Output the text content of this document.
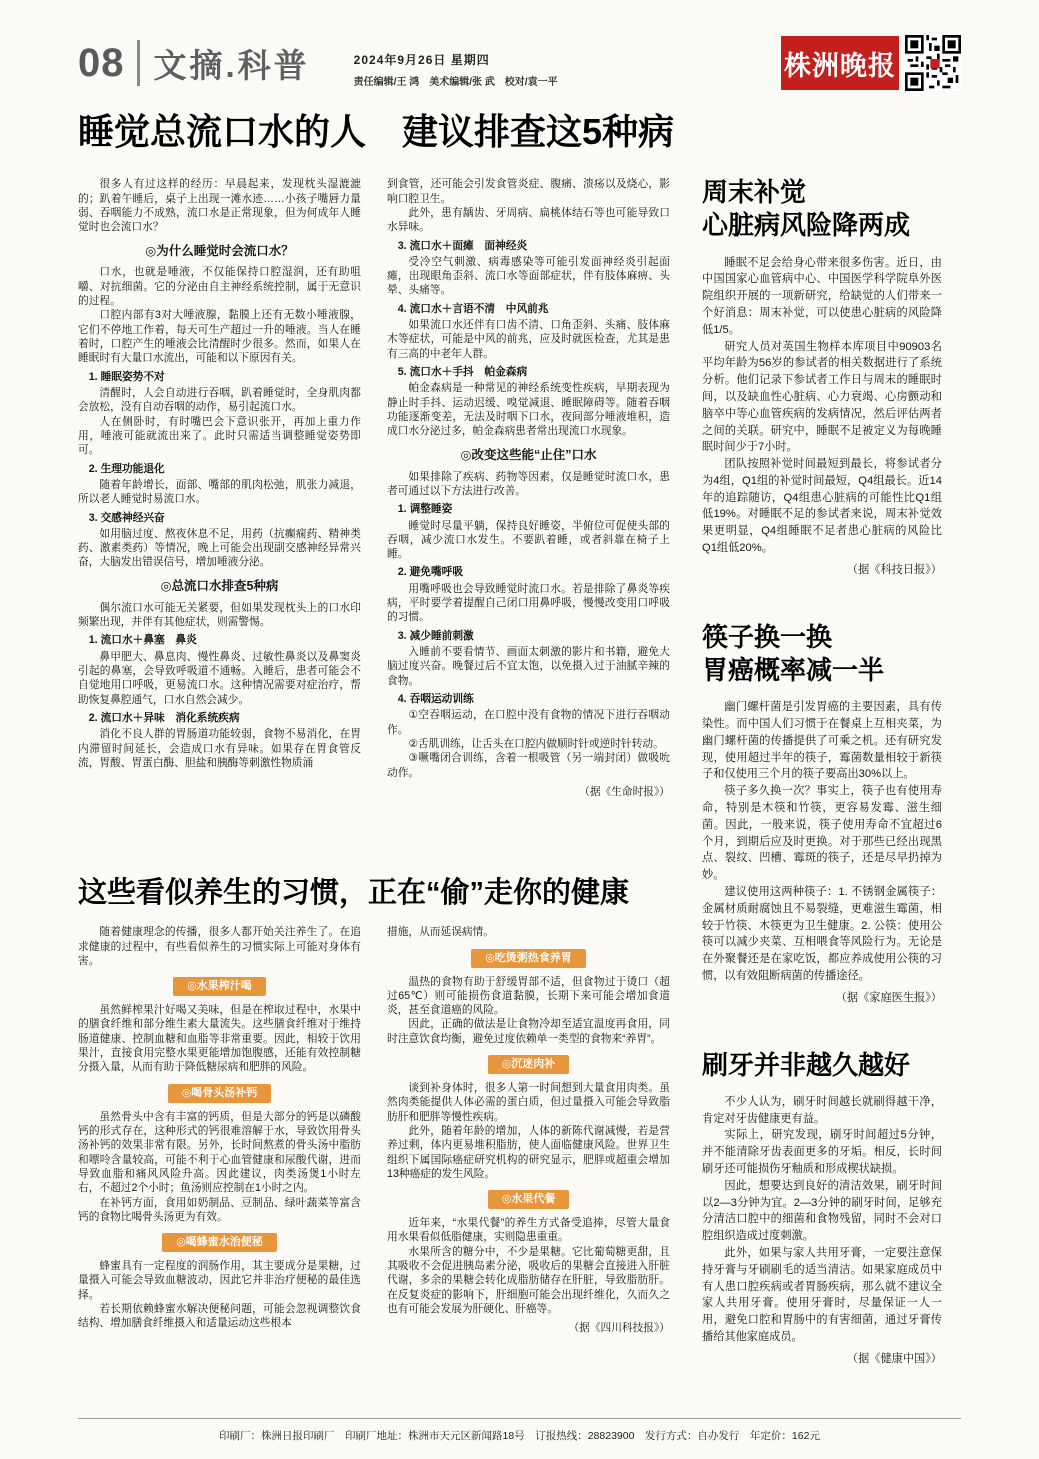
08 文摘.科普	2024年9月26日 星期四
责任编辑/王 鸿　美术编辑/张 武　校对/袁一平
株洲晚报
睡觉总流口水的人　建议排查这5种病
很多人有过这样的经历：早晨起来，发现枕头湿漉漉的；趴着午睡后，桌子上出现一滩水迹……小孩子嘴唇力量弱、吞咽能力不成熟，流口水是正常现象，但为何成年人睡觉时也会流口水？
◎为什么睡觉时会流口水？
口水，也就是唾液，不仅能保持口腔湿润，还有助咀嚼、对抗细菌。它的分泌由自主神经系统控制，属于无意识的过程。
口腔内部有3对大唾液腺，黏膜上还有无数小唾液腺，它们不停地工作着，每天可生产超过一升的唾液。当人在睡着时，口腔产生的唾液会比清醒时少很多。然而，如果人在睡眠时有大量口水流出，可能和以下原因有关。
1. 睡眠姿势不对
清醒时，人会自动进行吞咽，趴着睡觉时，全身肌肉都会放松，没有自动吞咽的动作，易引起流口水。
人在侧卧时，有时嘴巴会下意识张开，再加上重力作用，唾液可能就流出来了。此时只需适当调整睡觉姿势即可。
2. 生理功能退化
随着年龄增长，面部、嘴部的肌肉松弛，肌张力减退，所以老人睡觉时易流口水。
3. 交感神经兴奋
如用脑过度、熬夜休息不足，用药（抗癫痫药、精神类药、激素类药）等情况，晚上可能会出现副交感神经异常兴奋，大脑发出错误信号，增加唾液分泌。
◎总流口水排查5种病
偶尔流口水可能无关紧要，但如果发现枕头上的口水印频繁出现，并伴有其他症状，则需警惕。
1. 流口水＋鼻塞　鼻炎
鼻甲肥大、鼻息肉、慢性鼻炎、过敏性鼻炎以及鼻窦炎引起的鼻塞，会导致呼吸道不通畅。入睡后，患者可能会不自觉地用口呼吸，更易流口水。这种情况需要对症治疗，帮助恢复鼻腔通气，口水自然会减少。
2. 流口水＋异味　消化系统疾病
消化不良人群的胃肠道功能较弱，食物不易消化，在胃内滞留时间延长，会造成口水有异味。如果存在胃食管反流，胃酸、胃蛋白酶、胆盐和胰酶等刺激性物质涌
到食管，还可能会引发食管炎症、腹痛、溃疡以及烧心，影响口腔卫生。
此外，患有龋齿、牙周病、扁桃体结石等也可能导致口水异味。
3. 流口水＋面瘫　面神经炎
受冷空气刺激、病毒感染等可能引发面神经炎引起面瘫，出现眼角歪斜、流口水等面部症状，伴有肢体麻痹、头晕、头痛等。
4. 流口水＋言语不清　中风前兆
如果流口水还伴有口齿不清、口角歪斜、头痛、肢体麻木等症状，可能是中风的前兆，应及时就医检查，尤其是患有三高的中老年人群。
5. 流口水＋手抖　帕金森病
帕金森病是一种常见的神经系统变性疾病，早期表现为静止时手抖、运动迟缓、嗅觉减退、睡眠障碍等。随着吞咽功能逐渐变差，无法及时咽下口水，夜间部分唾液堆积，造成口水分泌过多，帕金森病患者常出现流口水现象。
◎改变这些能“止住”口水
如果排除了疾病、药物等因素，仅是睡觉时流口水，患者可通过以下方法进行改善。
1. 调整睡姿
睡觉时尽量平躺，保持良好睡姿，半俯位可促使头部的吞咽，减少流口水发生。不要趴着睡，或者斜靠在椅子上睡。
2. 避免嘴呼吸
用嘴呼吸也会导致睡觉时流口水。若是排除了鼻炎等疾病，平时要学着提醒自己闭口用鼻呼吸，慢慢改变用口呼吸的习惯。
3. 减少睡前刺激
入睡前不要看情节、画面太刺激的影片和书籍，避免大脑过度兴奋。晚餐过后不宜太饱，以免摄入过于油腻辛辣的食物。
4. 吞咽运动训练
①空吞咽运动，在口腔中没有食物的情况下进行吞咽动作。
②舌肌训练，让舌头在口腔内做顺时针或逆时针转动。
③噘嘴闭合训练，含着一根吸管（另一端封闭）做吸吮动作。
（据《生命时报》）
这些看似养生的习惯，正在“偷”走你的健康
随着健康理念的传播，很多人都开始关注养生了。在追求健康的过程中，有些看似养生的习惯实际上可能对身体有害。
◎水果榨汁喝
虽然鲜榨果汁好喝又美味，但是在榨取过程中，水果中的膳食纤维和部分维生素大量流失。这些膳食纤维对于维持肠道健康、控制血糖和血脂等非常重要。因此，相较于饮用果汁，直接食用完整水果更能增加饱腹感，还能有效控制糖分摄入量，从而有助于降低糖尿病和肥胖的风险。
◎喝骨头汤补钙
虽然骨头中含有丰富的钙质，但是大部分的钙是以磷酸钙的形式存在，这种形式的钙很难溶解于水，导致饮用骨头汤补钙的效果非常有限。另外，长时间熬煮的骨头汤中脂肪和嘌呤含量较高，可能不利于心血管健康和尿酸代谢，进而导致血脂和痛风风险升高。因此建议，肉类汤煲1小时左右，不超过2个小时；鱼汤则应控制在1小时之内。
在补钙方面，食用如奶制品、豆制品、绿叶蔬菜等富含钙的食物比喝骨头汤更为有效。
◎喝蜂蜜水治便秘
蜂蜜具有一定程度的润肠作用，其主要成分是果糖，过量摄入可能会导致血糖波动，因此它并非治疗便秘的最佳选择。
若长期依赖蜂蜜水解决便秘问题，可能会忽视调整饮食结构、增加膳食纤维摄入和适量运动这些根本
措施，从而延误病情。
◎吃烫粥热食养胃
温热的食物有助于舒缓胃部不适，但食物过于烫口（超过65℃）则可能损伤食道黏膜，长期下来可能会增加食道炎，甚至食道癌的风险。
因此，正确的做法是让食物冷却至适宜温度再食用，同时注意饮食均衡，避免过度依赖单一类型的食物来“养胃”。
◎沉迷肉补
谈到补身体时，很多人第一时间想到大量食用肉类。虽然肉类能提供人体必需的蛋白质，但过量摄入可能会导致脂肪肝和肥胖等慢性疾病。
此外，随着年龄的增加，人体的新陈代谢减慢，若是营养过剩，体内更易堆积脂肪，使人面临健康风险。世界卫生组织下属国际癌症研究机构的研究显示，肥胖或超重会增加13种癌症的发生风险。
◎水果代餐
近年来，“水果代餐”的养生方式备受追捧，尽管大量食用水果看似低脂健康，实则隐患重重。
水果所含的糖分中，不少是果糖。它比葡萄糖更甜，且其吸收不会促进胰岛素分泌，吸收后的果糖会直接进入肝脏代谢，多余的果糖会转化成脂肪储存在肝脏，导致脂肪肝。在反复炎症的影响下，肝细胞可能会出现纤维化，久而久之也有可能会发展为肝硬化、肝癌等。
（据《四川科技报》）
周末补觉
心脏病风险降两成
睡眠不足会给身心带来很多伤害。近日，由中国国家心血管病中心、中国医学科学院阜外医院组织开展的一项新研究，给缺觉的人们带来一个好消息：周末补觉，可以使患心脏病的风险降低1/5。
研究人员对英国生物样本库项目中90903名平均年龄为56岁的参试者的相关数据进行了系统分析。他们记录下参试者工作日与周末的睡眠时间，以及缺血性心脏病、心力衰竭、心房颤动和脑卒中等心血管疾病的发病情况，然后评估两者之间的关联。研究中，睡眠不足被定义为每晚睡眠时间少于7小时。
团队按照补觉时间最短到最长，将参试者分为4组，Q1组的补觉时间最短，Q4组最长。近14年的追踪随访，Q4组患心脏病的可能性比Q1组低19%。对睡眠不足的参试者来说，周末补觉效果更明显，Q4组睡眠不足者患心脏病的风险比Q1组低20%。
（据《科技日报》）
筷子换一换
胃癌概率减一半
幽门螺杆菌是引发胃癌的主要因素，具有传染性。而中国人们习惯于在餐桌上互相夹菜，为幽门螺杆菌的传播提供了可乘之机。还有研究发现，使用超过半年的筷子，霉菌数量相较于新筷子和仅使用三个月的筷子要高出30%以上。
筷子多久换一次？事实上，筷子也有使用寿命，特别是木筷和竹筷，更容易发霉、滋生细菌。因此，一般来说，筷子使用寿命不宜超过6个月，到期后应及时更换。对于那些已经出现黑点、裂纹、凹槽、霉斑的筷子，还是尽早扔掉为妙。
建议使用这两种筷子：1. 不锈钢金属筷子：金属材质耐腐蚀且不易裂缝，更难滋生霉菌，相较于竹筷、木筷更为卫生健康。2. 公筷：使用公筷可以减少夹菜、互相喂食等风险行为。无论是在外聚餐还是在家吃饭，都应养成使用公筷的习惯，以有效阻断病菌的传播途径。
（据《家庭医生报》）
刷牙并非越久越好
不少人认为，刷牙时间越长就刷得越干净，肯定对牙齿健康更有益。
实际上，研究发现，刷牙时间超过5分钟，并不能清除牙齿表面更多的牙垢。相反，长时间刷牙还可能损伤牙釉质和形成楔状缺损。
因此，想要达到良好的清洁效果，刷牙时间以2—3分钟为宜。2—3分钟的刷牙时间，足够充分清洁口腔中的细菌和食物残留，同时不会对口腔组织造成过度刺激。
此外，如果与家人共用牙膏，一定要注意保持牙膏与牙刷刷毛的适当清洁。如果家庭成员中有人患口腔疾病或者胃肠疾病，那么就不建议全家人共用牙膏。使用牙膏时，尽量保证一人一用，避免口腔和胃肠中的有害细菌，通过牙膏传播给其他家庭成员。
（据《健康中国》）
印刷厂：株洲日报印刷厂　印刷厂地址：株洲市天元区新闻路18号　订报热线：28823900　发行方式：自办发行　年定价：162元
